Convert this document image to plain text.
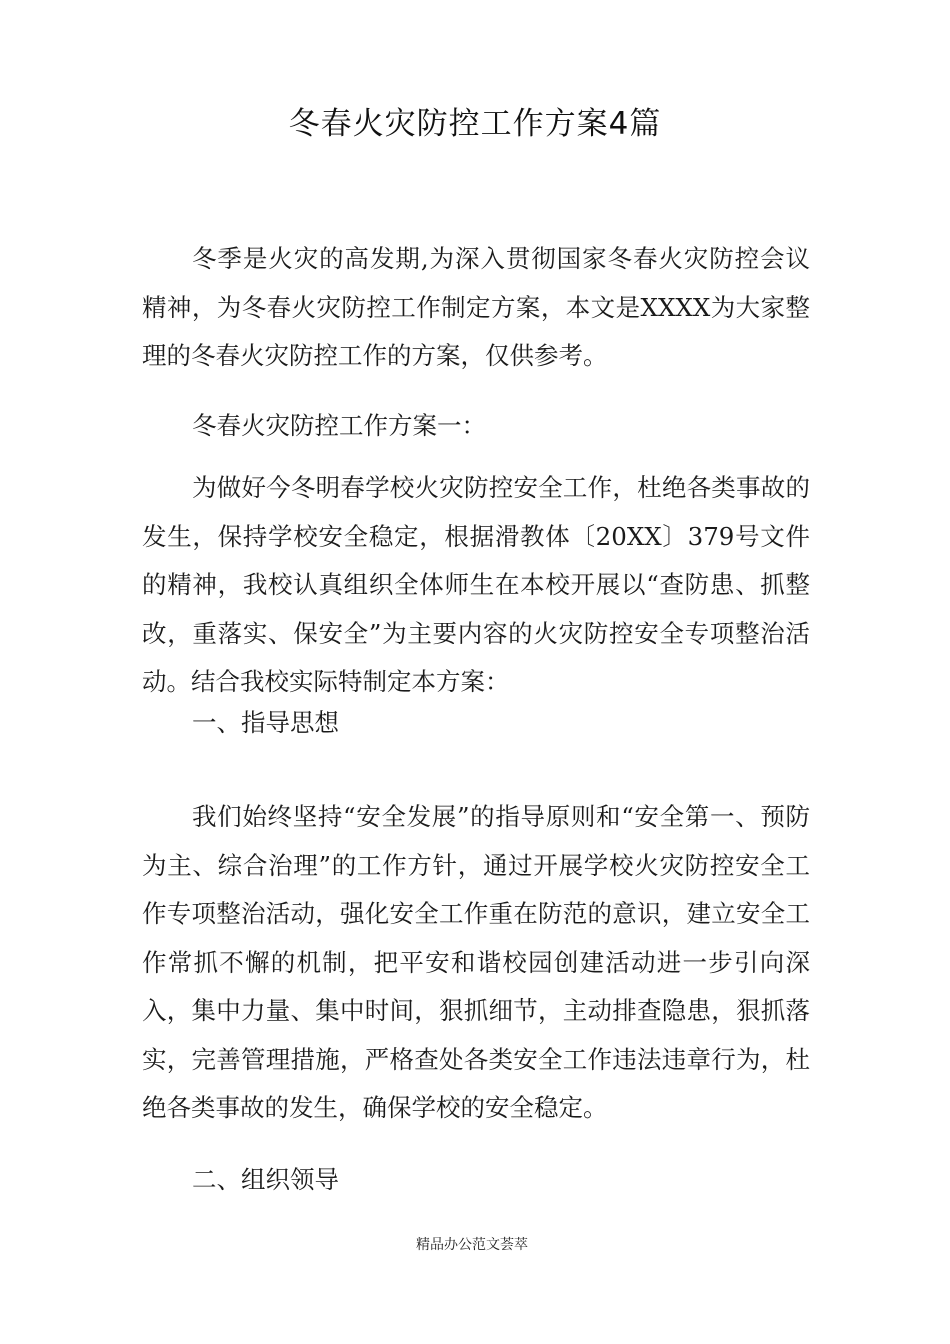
冬春火灾防控工作方案4篇

冬季是火灾的高发期,为深入贯彻国家冬春火灾防控会议精神，为冬春火灾防控工作制定方案，本文是XXXX为大家整理的冬春火灾防控工作的方案，仅供参考。

冬春火灾防控工作方案一：

为做好今冬明春学校火灾防控安全工作，杜绝各类事故的发生，保持学校安全稳定，根据滑教体〔20XX〕379号文件的精神，我校认真组织全体师生在本校开展以“查防患、抓整改，重落实、保安全”为主要内容的火灾防控安全专项整治活动。结合我校实际特制定本方案：

一、指导思想

我们始终坚持“安全发展”的指导原则和“安全第一、预防为主、综合治理”的工作方针，通过开展学校火灾防控安全工作专项整治活动，强化安全工作重在防范的意识，建立安全工作常抓不懈的机制，把平安和谐校园创建活动进一步引向深入，集中力量、集中时间，狠抓细节，主动排查隐患，狠抓落实，完善管理措施，严格查处各类安全工作违法违章行为，杜绝各类事故的发生，确保学校的安全稳定。

二、组织领导

精品办公范文荟萃
